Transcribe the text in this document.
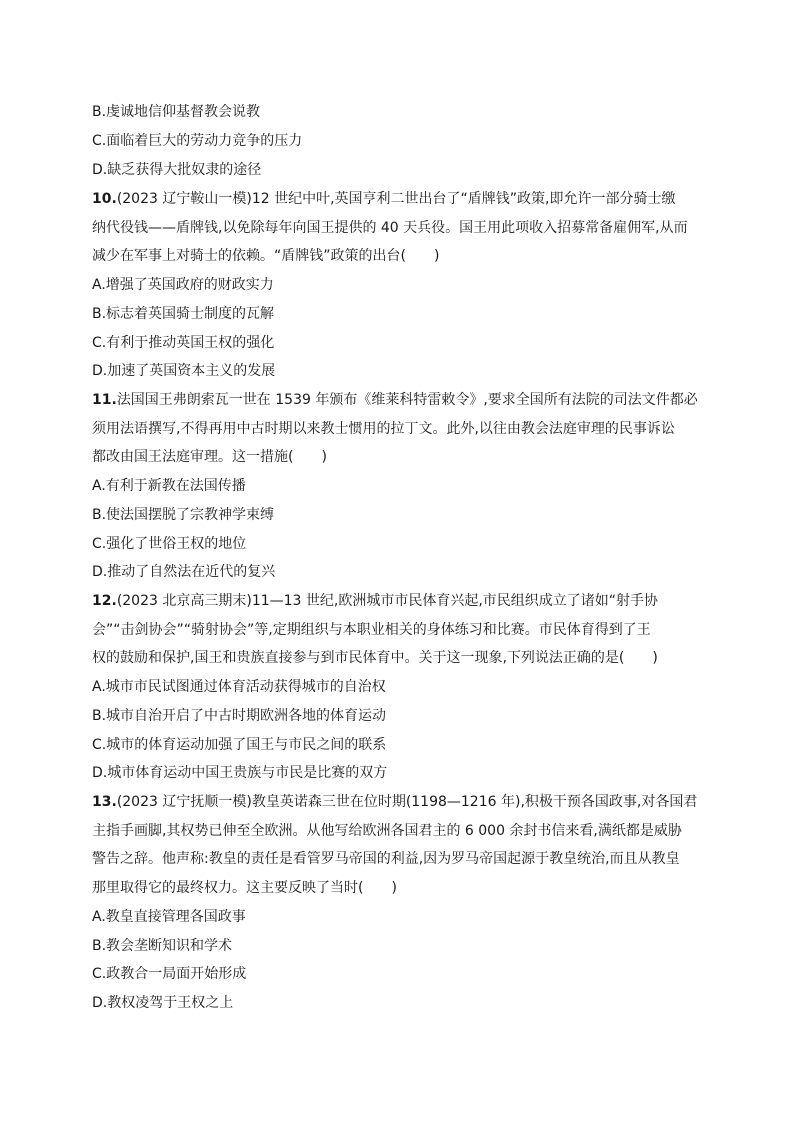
B.虔诚地信仰基督教会说教
C.面临着巨大的劳动力竞争的压力
D.缺乏获得大批奴隶的途径
10.(2023 辽宁鞍山一模)12 世纪中叶,英国亨利二世出台了“盾牌钱”政策,即允许一部分骑士缴
纳代役钱——盾牌钱,以免除每年向国王提供的 40 天兵役。国王用此项收入招募常备雇佣军,从而
减少在军事上对骑士的依赖。“盾牌钱”政策的出台(　　)
A.增强了英国政府的财政实力
B.标志着英国骑士制度的瓦解
C.有利于推动英国王权的强化
D.加速了英国资本主义的发展
11.法国国王弗朗索瓦一世在 1539 年颁布《维莱科特雷敕令》,要求全国所有法院的司法文件都必
须用法语撰写,不得再用中古时期以来教士惯用的拉丁文。此外,以往由教会法庭审理的民事诉讼
都改由国王法庭审理。这一措施(　　)
A.有利于新教在法国传播
B.使法国摆脱了宗教神学束缚
C.强化了世俗王权的地位
D.推动了自然法在近代的复兴
12.(2023 北京高三期末)11—13 世纪,欧洲城市市民体育兴起,市民组织成立了诸如“射手协
会”“击剑协会”“骑射协会”等,定期组织与本职业相关的身体练习和比赛。市民体育得到了王
权的鼓励和保护,国王和贵族直接参与到市民体育中。关于这一现象,下列说法正确的是(　　)
A.城市市民试图通过体育活动获得城市的自治权
B.城市自治开启了中古时期欧洲各地的体育运动
C.城市的体育运动加强了国王与市民之间的联系
D.城市体育运动中国王贵族与市民是比赛的双方
13.(2023 辽宁抚顺一模)教皇英诺森三世在位时期(1198—1216 年),积极干预各国政事,对各国君
主指手画脚,其权势已伸至全欧洲。从他写给欧洲各国君主的 6 000 余封书信来看,满纸都是威胁
警告之辞。他声称:教皇的责任是看管罗马帝国的利益,因为罗马帝国起源于教皇统治,而且从教皇
那里取得它的最终权力。这主要反映了当时(　　)
A.教皇直接管理各国政事
B.教会垄断知识和学术
C.政教合一局面开始形成
D.教权凌驾于王权之上
